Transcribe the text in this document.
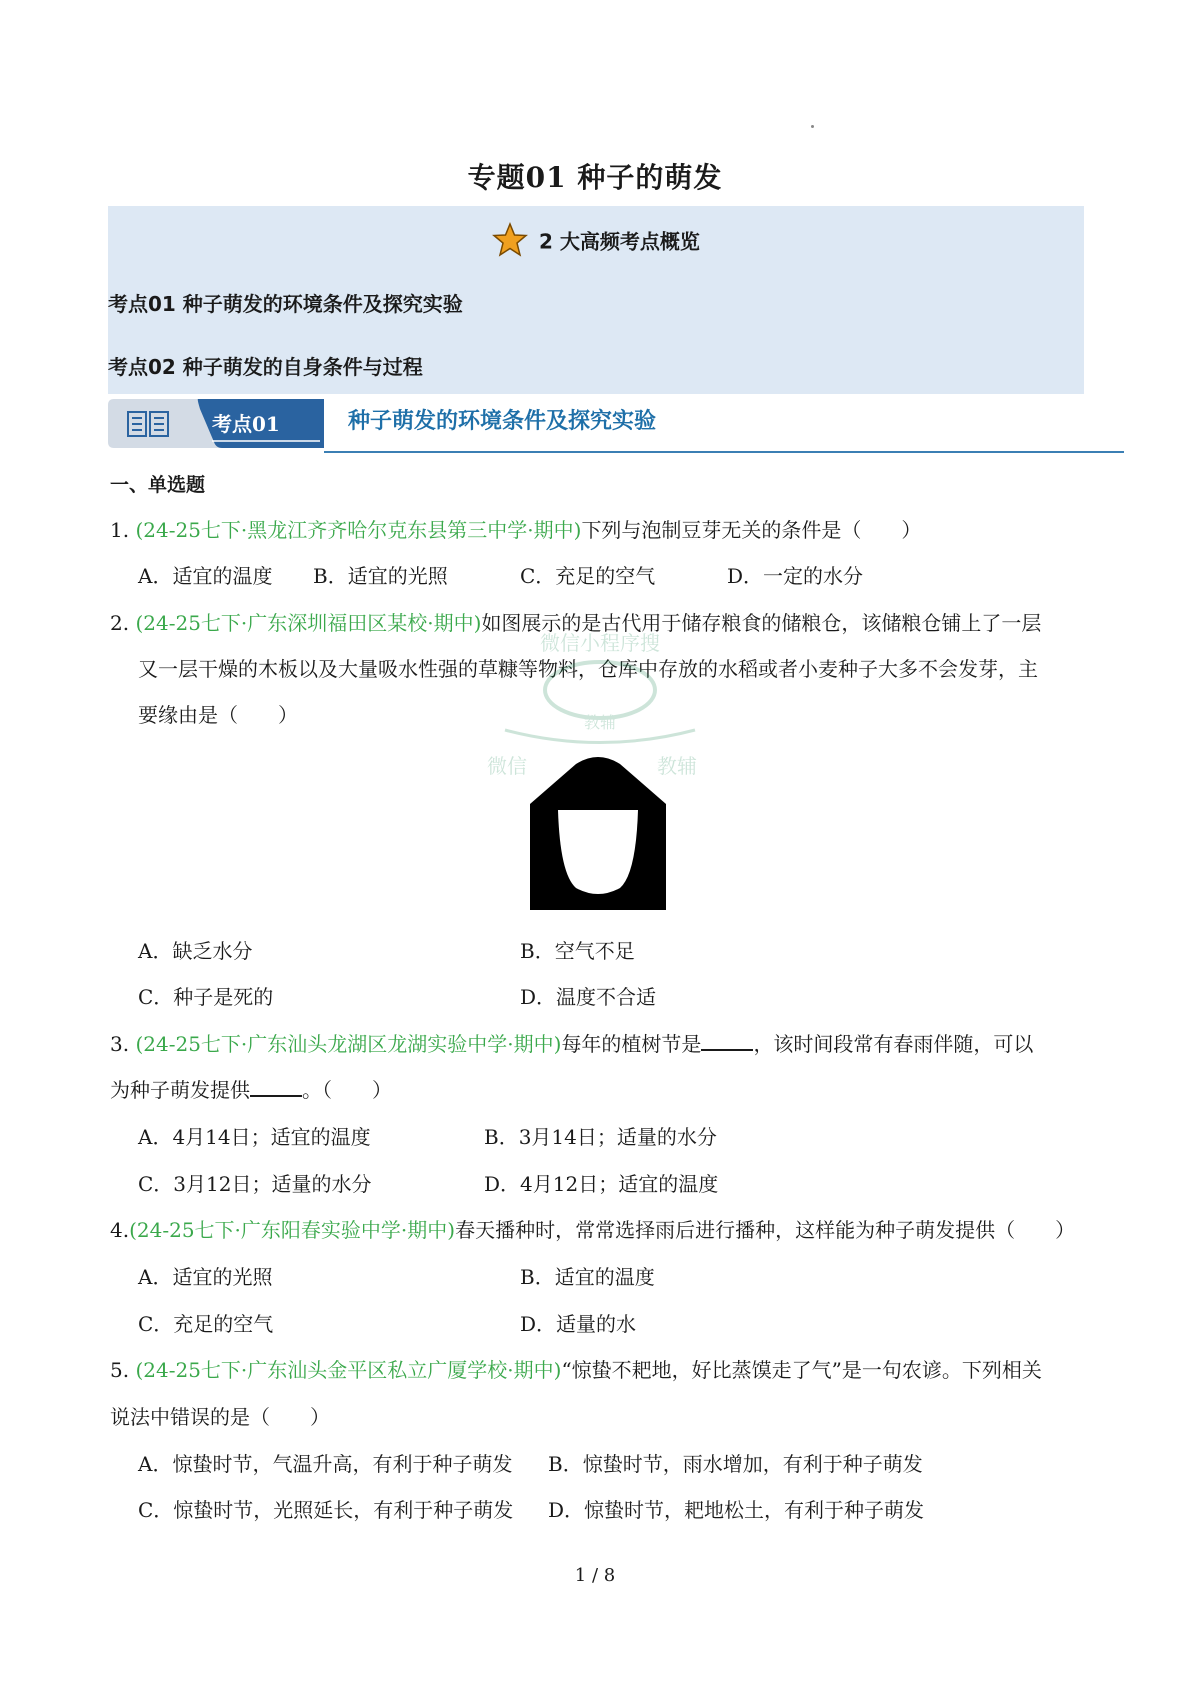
专题01 种子的萌发
2 大高频考点概览
考点01 种子萌发的环境条件及探究实验
考点02 种子萌发的自身条件与过程
考点01	种子萌发的环境条件及探究实验
一、单选题
1. (24-25七下·黑龙江齐齐哈尔克东县第三中学·期中)下列与泡制豆芽无关的条件是（　　）
A．适宜的温度 B．适宜的光照	C．充足的空气	D．一定的水分
2. (24-25七下·广东深圳福田区某校·期中)如图展示的是古代用于储存粮食的储粮仓，该储粮仓铺上了一层
又一层干燥的木板以及大量吸水性强的草糠等物料，仓库中存放的水稻或者小麦种子大多不会发芽，主
要缘由是（　　）
微信小程序搜
教辅
微信	教辅
A．缺乏水分	B．空气不足
C．种子是死的	D．温度不合适
3. (24-25七下·广东汕头龙湖区龙湖实验中学·期中)每年的植树节是	，该时间段常有春雨伴随，可以
为种子萌发提供	。（　　）
A．4月14日；适宜的温度	B．3月14日；适量的水分
C．3月12日；适量的水分	D．4月12日；适宜的温度
4.(24-25七下·广东阳春实验中学·期中)春天播种时，常常选择雨后进行播种，这样能为种子萌发提供（　　）
A．适宜的光照	B．适宜的温度
C．充足的空气	D．适量的水
5. (24-25七下·广东汕头金平区私立广厦学校·期中)“惊蛰不耙地，好比蒸馍走了气”是一句农谚。下列相关
说法中错误的是（　　）
A．惊蛰时节，气温升高，有利于种子萌发 B．惊蛰时节，雨水增加，有利于种子萌发
C．惊蛰时节，光照延长，有利于种子萌发 D．惊蛰时节，耙地松土，有利于种子萌发
1 / 8
